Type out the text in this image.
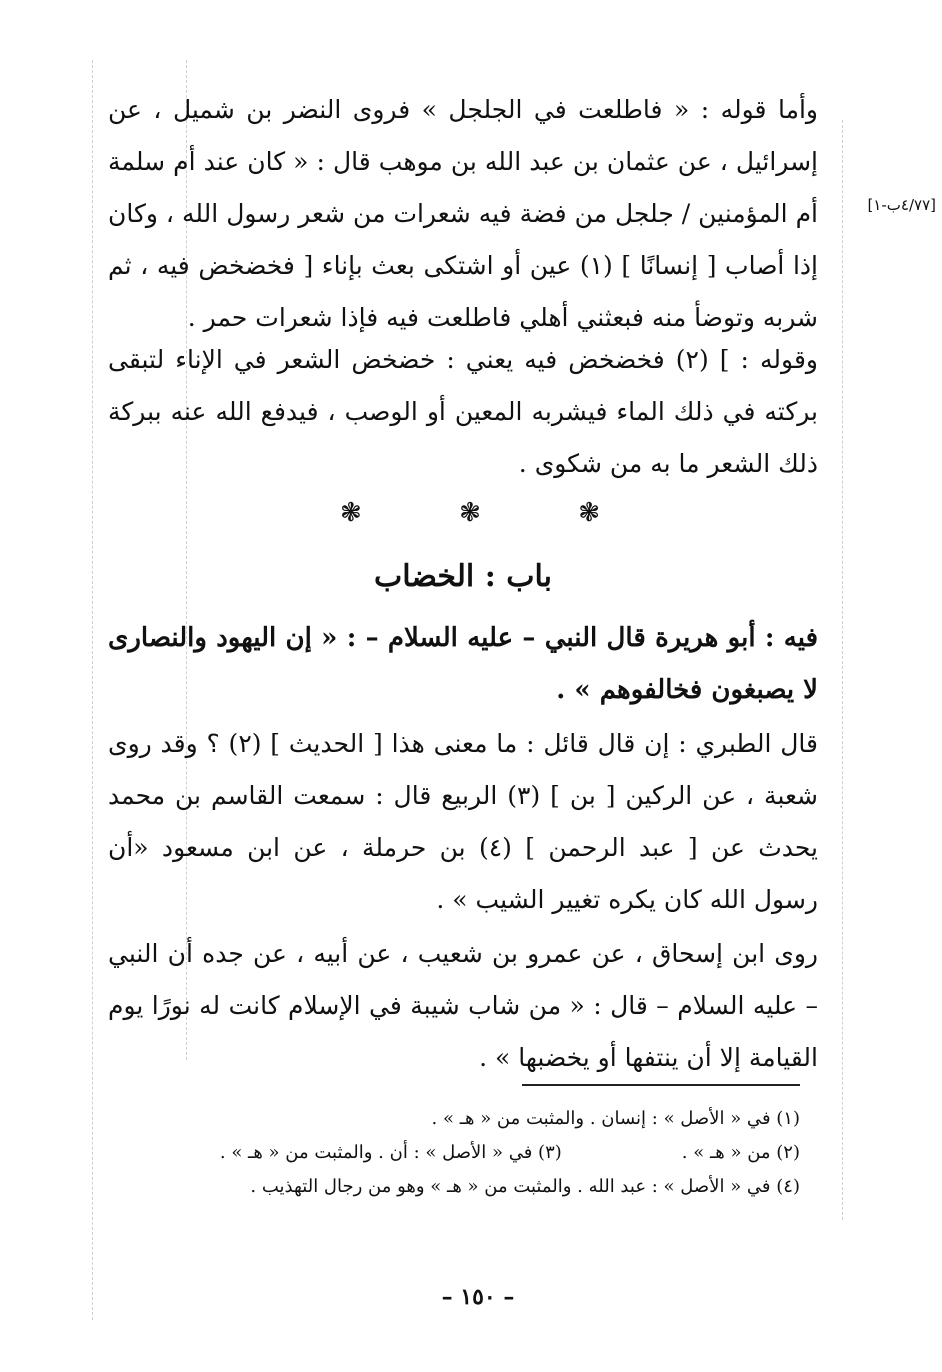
[٤/٧٧ب-١]

وأما قوله : « فاطلعت في الجلجل » فروى النضر بن شميل ، عن إسرائيل ، عن عثمان بن عبد الله بن موهب قال : « كان عند أم سلمة أم المؤمنين / جلجل من فضة فيه شعرات من شعر رسول الله ، وكان إذا أصاب [ إنسانًا ] (١) عين أو اشتكى بعث بإناء [ فخضخض فيه ، ثم شربه وتوضأ منه فبعثني أهلي فاطلعت فيه فإذا شعرات حمر .

وقوله : ] (٢) فخضخض فيه يعني : خضخض الشعر في الإناء لتبقى بركته في ذلك الماء فيشربه المعين أو الوصب ، فيدفع الله عنه ببركة ذلك الشعر ما به من شكوى .

❃	❃	❃
باب : الخضاب

فيه : أبو هريرة قال النبي – عليه السلام – : « إن اليهود والنصارى لا يصبغون فخالفوهم » .

قال الطبري : إن قال قائل : ما معنى هذا [ الحديث ] (٢) ؟ وقد روى شعبة ، عن الركين [ بن ] (٣) الربيع قال : سمعت القاسم بن محمد يحدث عن [ عبد الرحمن ] (٤) بن حرملة ، عن ابن مسعود «أن رسول الله كان يكره تغيير الشيب » .

روى ابن إسحاق ، عن عمرو بن شعيب ، عن أبيه ، عن جده أن النبي – عليه السلام – قال : « من شاب شيبة في الإسلام كانت له نورًا يوم القيامة إلا أن ينتفها أو يخضبها » .

(١) في « الأصل » : إنسان . والمثبت من « هـ » .
(٢) من « هـ » .(٣) في « الأصل » : أن . والمثبت من « هـ » .
(٤) في « الأصل » : عبد الله . والمثبت من « هـ » وهو من رجال التهذيب .
– ١٥٠ –
